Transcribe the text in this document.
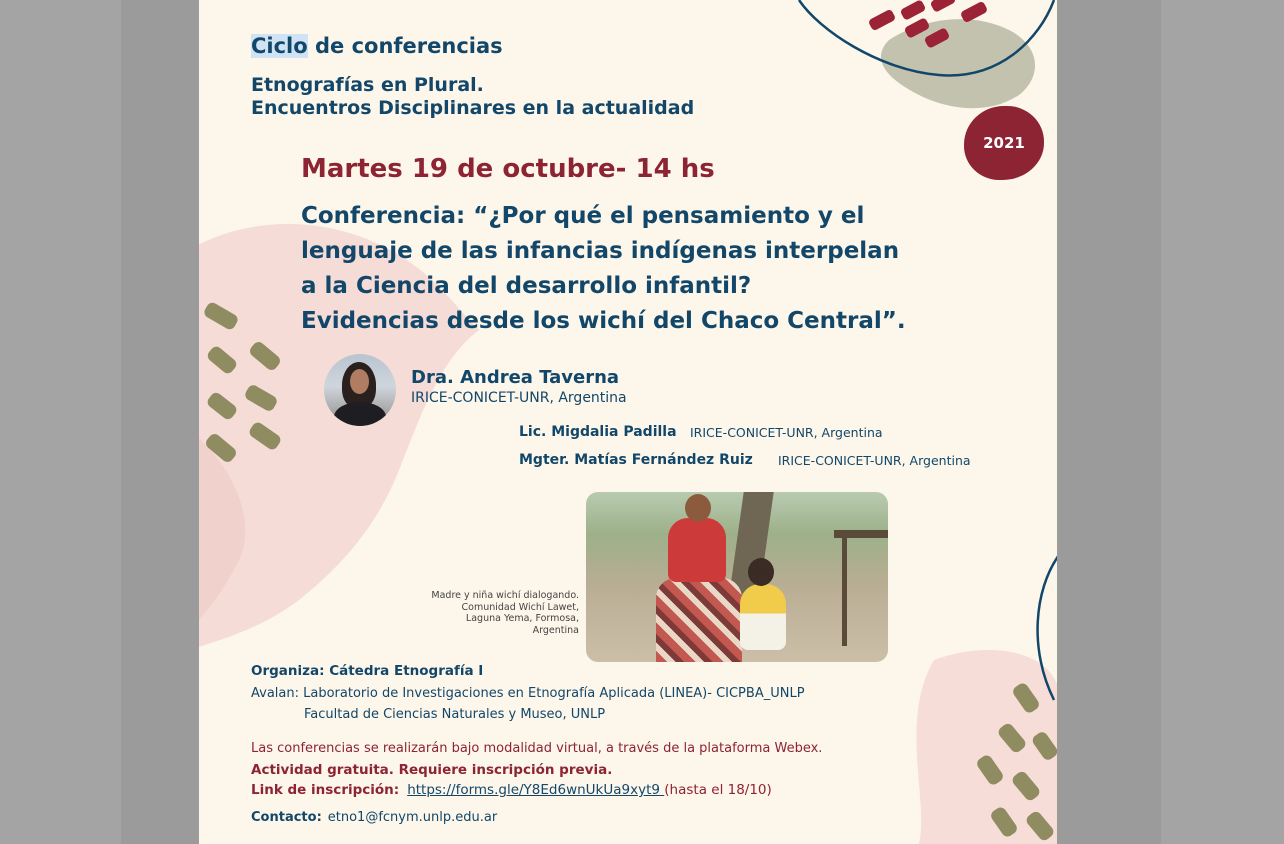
Ciclo de conferencias
Etnografías en Plural.
Encuentros Disciplinares en la actualidad
2021
Martes 19 de octubre- 14 hs
Conferencia: “¿Por qué el pensamiento y el
lenguaje de las infancias indígenas interpelan
a la Ciencia del desarrollo infantil?
Evidencias desde los wichí del Chaco Central”.
Dra. Andrea Taverna
IRICE-CONICET-UNR, Argentina
Lic. Migdalia Padilla IRICE-CONICET-UNR, Argentina
Mgter. Matías Fernández Ruiz IRICE-CONICET-UNR, Argentina
Madre y niña wichí dialogando.
Comunidad Wichí Lawet,
Laguna Yema, Formosa,
Argentina
Organiza: Cátedra Etnografía I
Avalan: Laboratorio de Investigaciones en Etnografía Aplicada (LINEA)- CICPBA_UNLP
Facultad de Ciencias Naturales y Museo, UNLP
Las conferencias se realizarán bajo modalidad virtual, a través de la plataforma Webex.
Actividad gratuita. Requiere inscripción previa.
Link de inscripción: https://forms.gle/Y8Ed6wnUkUa9xyt9 (hasta el 18/10)
Contacto: etno1@fcnym.unlp.edu.ar
